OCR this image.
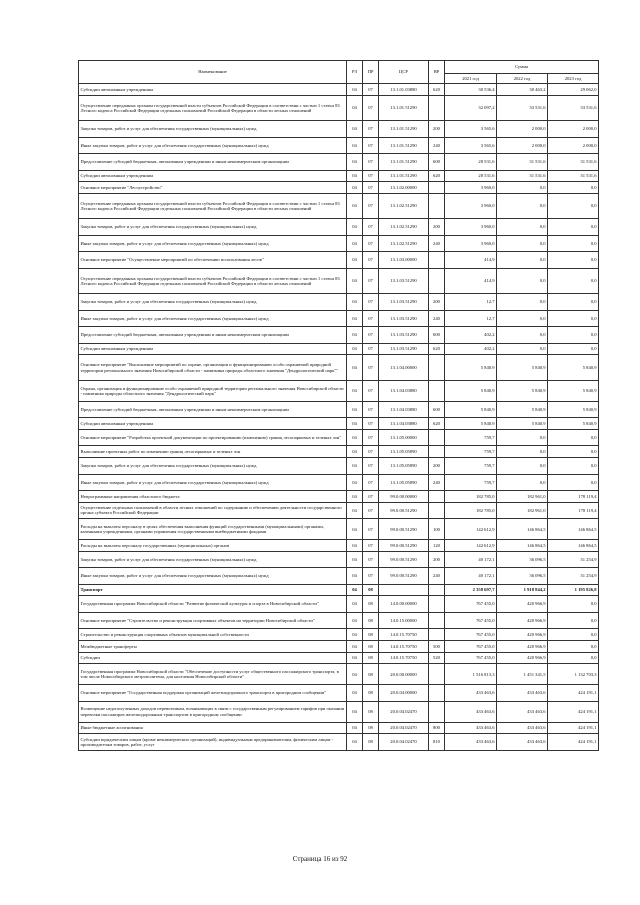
Наименование	РЗ	ПР	ЦСР	ВР	Сумма		
					2021 год	2022 год	2023 год
Субсидии автономным учреждениям	04	07	13.1.01.03880	620	30 536,4	30 463,2	29 062,0
Осуществление переданных органам государственной власти субъектов Российской Федерации в соответствии с частью 1 статьи 83 Лесного кодекса Российской Федерации отдельных полномочий Российской Федерации в области лесных отношений	04	07	13.1.01.51290		32 097,2	33 531,6	33 531,6
Закупка товаров, работ и услуг для обеспечения государственных (муниципальных) нужд	04	07	13.1.01.51290	200	3 565,6	2 000,0	2 000,0
Иные закупки товаров, работ и услуг для обеспечения государственных (муниципальных) нужд	04	07	13.1.01.51290	240	3 565,6	2 000,0	2 000,0
Предоставление субсидий бюджетным, автономным учреждениям и иным некоммерческим организациям	04	07	13.1.01.51290	600	28 531,6	31 531,6	31 531,6
Субсидии автономным учреждениям	04	07	13.1.01.51290	620	28 531,6	31 531,6	31 531,6
Основное мероприятие "Лесоустройство"	04	07	13.1.02.00000		3 960,0	0,0	0,0
Осуществление переданных органам государственной власти субъектов Российской Федерации в соответствии с частью 1 статьи 83 Лесного кодекса Российской Федерации отдельных полномочий Российской Федерации в области лесных отношений	04	07	13.1.02.51290		3 960,0	0,0	0,0
Закупка товаров, работ и услуг для обеспечения государственных (муниципальных) нужд	04	07	13.1.02.51290	200	3 960,0	0,0	0,0
Иные закупки товаров, работ и услуг для обеспечения государственных (муниципальных) нужд	04	07	13.1.02.51290	240	3 960,0	0,0	0,0
Основное мероприятие "Осуществление мероприятий по обеспечению использования лесов"	04	07	13.1.03.00000		414,9	0,0	0,0
Осуществление переданных органам государственной власти субъектов Российской Федерации в соответствии с частью 1 статьи 83 Лесного кодекса Российской Федерации отдельных полномочий Российской Федерации в области лесных отношений	04	07	13.1.03.51290		414,9	0,0	0,0
Закупка товаров, работ и услуг для обеспечения государственных (муниципальных) нужд	04	07	13.1.03.51290	200	12,7	0,0	0,0
Иные закупки товаров, работ и услуг для обеспечения государственных (муниципальных) нужд	04	07	13.1.03.51290	240	12,7	0,0	0,0
Предоставление субсидий бюджетным, автономным учреждениям и иным некоммерческим организациям	04	07	13.1.03.51290	600	402,2	0,0	0,0
Субсидии автономным учреждениям	04	07	13.1.03.51290	620	402,2	0,0	0,0
Основное мероприятие "Выполнение мероприятий по охране, организации и функционированию особо охраняемой природной территории регионального значения Новосибирской области - памятника природы областного значения "Дендрологический парк""	04	07	13.1.04.00000		5 840,9	5 840,9	5 840,9
Охрана, организация и функционирование особо охраняемой природной территории регионального значения Новосибирской области - памятника природы областного значения "Дендрологический парк"	04	07	13.1.04.03880		5 840,9	5 840,9	5 840,9
Предоставление субсидий бюджетным, автономным учреждениям и иным некоммерческим организациям	04	07	13.1.04.03880	600	5 840,9	5 840,9	5 840,9
Субсидии автономным учреждениям	04	07	13.1.04.03880	620	5 840,9	5 840,9	5 840,9
Основное мероприятие "Разработка проектной документации по проектированию (изменению) границ лесопарковых и зеленых зон"	04	07	13.1.05.00000		759,7	0,0	0,0
Выполнение проектных работ по изменению границ лесопарковых и зеленых зон	04	07	13.1.05.05890		759,7	0,0	0,0
Закупка товаров, работ и услуг для обеспечения государственных (муниципальных) нужд	04	07	13.1.05.05890	200	759,7	0,0	0,0
Иные закупки товаров, работ и услуг для обеспечения государственных (муниципальных) нужд	04	07	13.1.05.05890	240	759,7	0,0	0,0
Непрограммные направления областного бюджета	04	07	99.0.00.00000		182 785,0	182 961,0	178 119,4
Осуществление отдельных полномочий в области лесных отношений по содержанию и обеспечению деятельности государственного органа субъекта Российской Федерации	04	07	99.0.00.51290		182 785,0	182 961,0	178 119,4
Расходы на выплаты персоналу в целях обеспечения выполнения функций государственными (муниципальными) органами, казенными учреждениями, органами управления государственными внебюджетными фондами	04	07	99.0.00.51290	100	142 612,9	146 864,5	146 864,5
Расходы на выплаты персоналу государственных (муниципальных) органов	04	07	99.0.00.51290	120	142 612,9	146 864,5	146 864,5
Закупка товаров, работ и услуг для обеспечения государственных (муниципальных) нужд	04	07	99.0.00.51290	200	40 172,1	36 096,5	31 254,9
Иные закупки товаров, работ и услуг для обеспечения государственных (муниципальных) нужд	04	07	99.0.00.51290	240	40 172,1	36 096,5	31 254,9
Транспорт	04	08			2 358 697,7	1 918 844,2	1 195 826,8
Государственная программа Новосибирской области "Развитие физической культуры и спорта в Новосибирской области"	04	08	14.0.00.00000		767 455,0	420 966,9	0,0
Основное мероприятие "Строительство и реконструкция спортивных объектов на территории Новосибирской области"	04	08	14.0.15.00000		767 455,0	420 966,9	0,0
Строительство и реконструкция спортивных объектов муниципальной собственности	04	08	14.0.15.70750		767 455,0	420 966,9	0,0
Межбюджетные трансферты	04	08	14.0.15.70750	500	767 455,0	420 966,9	0,0
Субсидии	04	08	14.0.15.70750	520	767 455,0	420 966,9	0,0
Государственная программа Новосибирской области "Обеспечение доступности услуг общественного пассажирского транспорта, в том числе Новосибирского метрополитена, для населения Новосибирской области"	04	08	20.0.00.00000		1 516 813,3	1 451 341,5	1 132 703,3
Основное мероприятие "Государственная поддержка организаций железнодорожного транспорта в пригородном сообщении"	04	08	20.0.04.00000		433 463,6	433 463,6	424 191,1
Возмещение недополученных доходов перевозчикам, возникающих в связи с государственным регулированием тарифов при оказании перевозки пассажиров железнодорожным транспортом в пригородном сообщении	04	08	20.0.04.02470		433 463,6	433 463,6	424 191,1
Иные бюджетные ассигнования	04	08	20.0.04.02470	800	433 463,6	433 463,6	424 191,1
Субсидии юридическим лицам (кроме некоммерческих организаций), индивидуальным предпринимателям, физическим лицам - производителям товаров, работ, услуг	04	08	20.0.04.02470	810	433 463,6	433 463,6	424 191,1
Страница 16 из 92
